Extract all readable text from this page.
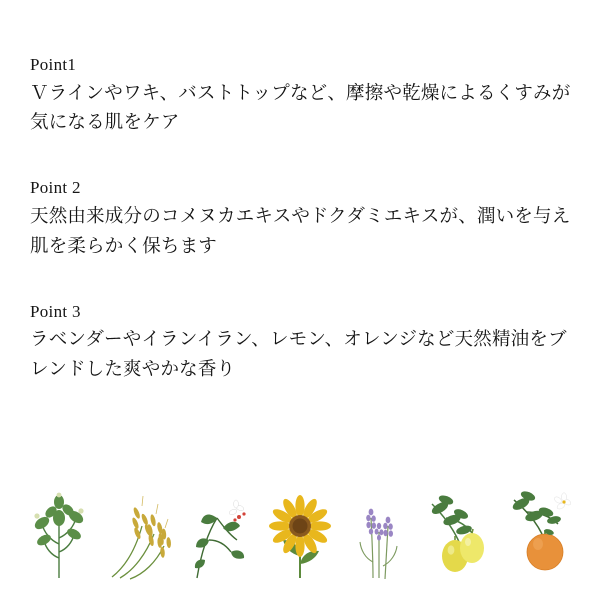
Point1

Ｖラインやワキ、バストトップなど、摩擦や乾燥によるくすみが気になる肌をケア

Point 2

天然由来成分のコメヌカエキスやドクダミエキスが、潤いを与え肌を柔らかく保ちます

Point 3

ラベンダーやイランイラン、レモン、オレンジなど天然精油をブレンドした爽やかな香り
